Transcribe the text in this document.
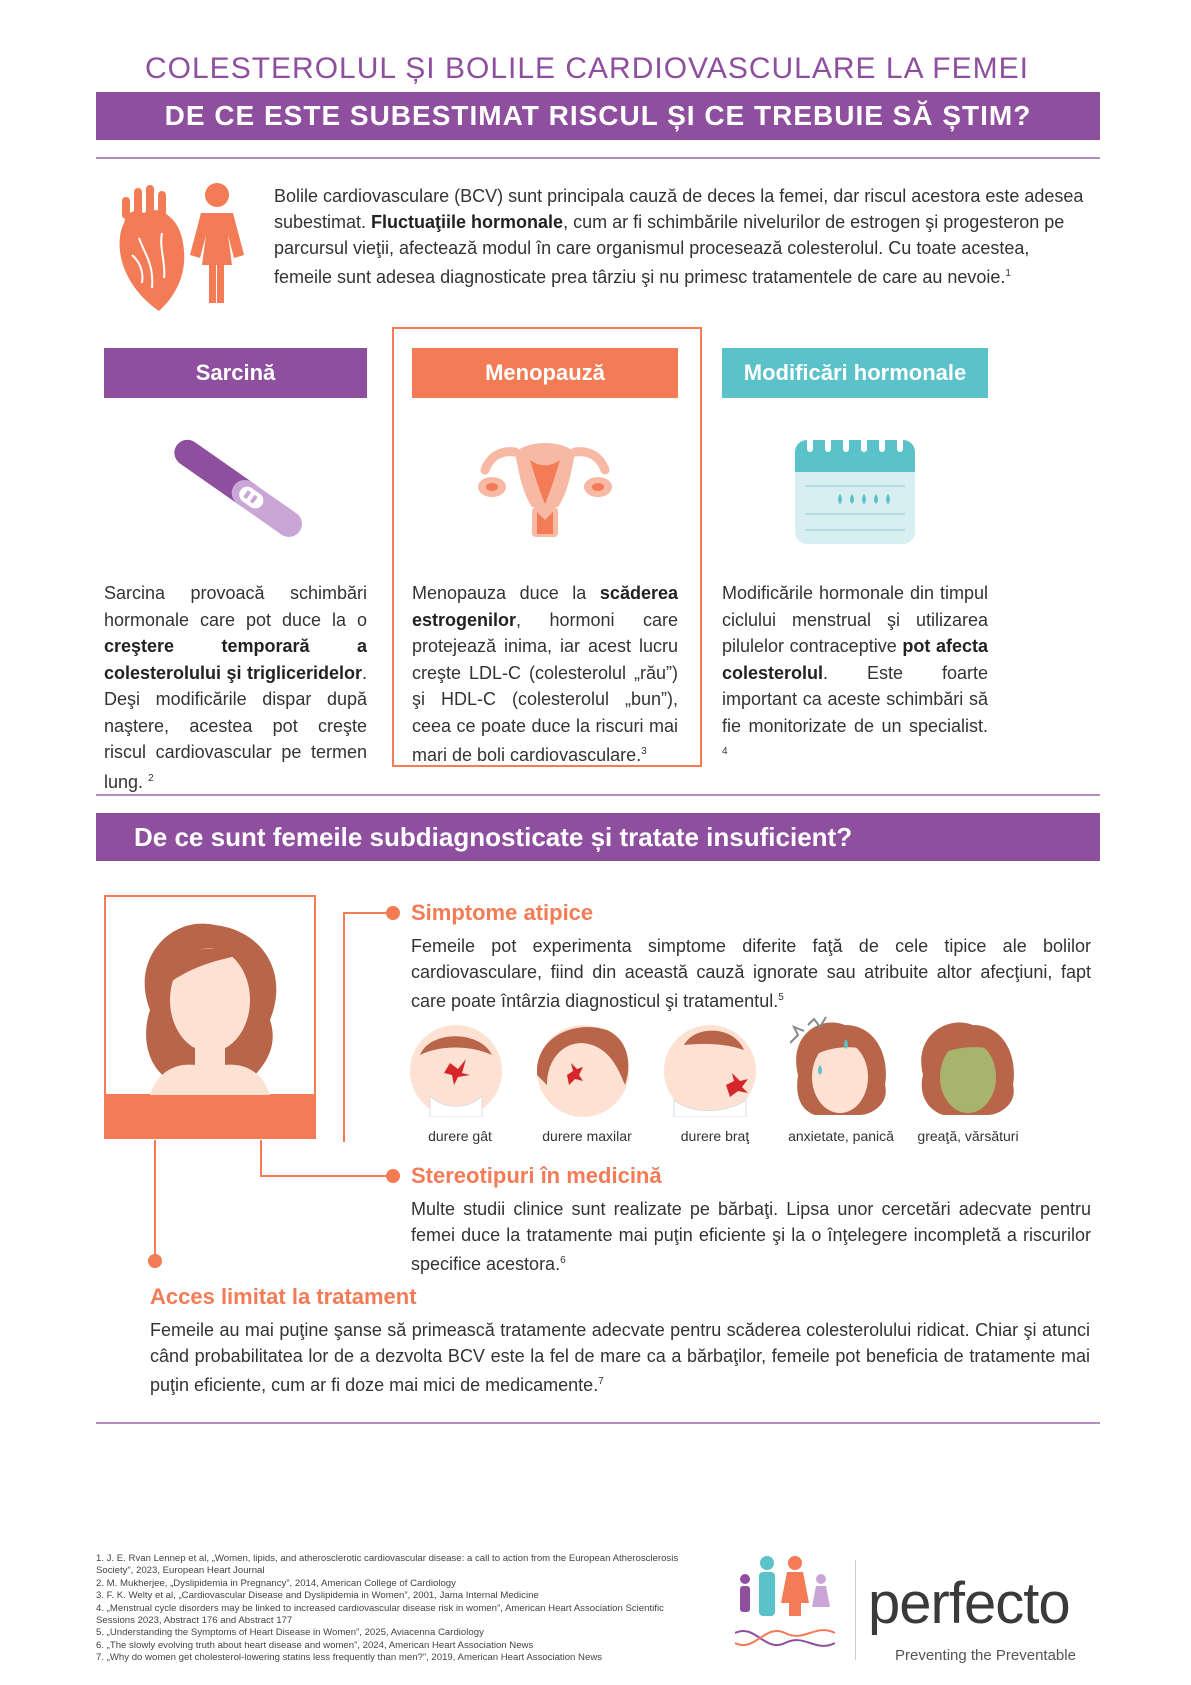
COLESTEROLUL ȘI BOLILE CARDIOVASCULARE LA FEMEI
DE CE ESTE SUBESTIMAT RISCUL ȘI CE TREBUIE SĂ ȘTIM?
Bolile cardiovasculare (BCV) sunt principala cauză de deces la femei, dar riscul acestora este adesea subestimat. Fluctuaţiile hormonale, cum ar fi schimbările nivelurilor de estrogen şi progesteron pe parcursul vieţii, afectează modul în care organismul procesează colesterolul. Cu toate acestea, femeile sunt adesea diagnosticate prea târziu şi nu primesc tratamentele de care au nevoie.$^1$
Sarcină
Sarcina provoacă schimbări hormonale care pot duce la o creştere temporară a colesterolului şi trigliceridelor. Deşi modificările dispar după naştere, acestea pot creşte riscul cardiovascular pe termen lung. $^2$
Menopauză
Menopauza duce la scăderea estrogenilor, hormoni care protejează inima, iar acest lucru creşte LDL-C (colesterolul „rău”) şi HDL-C (colesterolul „bun”), ceea ce poate duce la riscuri mai mari de boli cardiovasculare.$^3$
Modificări hormonale
Modificările hormonale din timpul ciclului menstrual şi utilizarea pilulelor contraceptive pot afecta colesterolul. Este foarte important ca aceste schimbări să fie monitorizate de un specialist. $^4$
De ce sunt femeile subdiagnosticate și tratate insuficient?
Simptome atipice
Femeile pot experimenta simptome diferite faţă de cele tipice ale bolilor cardiovasculare, fiind din această cauză ignorate sau atribuite altor afecţiuni, fapt care poate întârzia diagnosticul şi tratamentul.$^5$
durere gât	durere maxilar	durere braţ	anxietate, panică	greaţă, vărsături
Stereotipuri în medicină
Multe studii clinice sunt realizate pe bărbaţi. Lipsa unor cercetări adecvate pentru femei duce la tratamente mai puţin eficiente şi la o înţelegere incompletă a riscurilor specifice acestora.$^6$
Acces limitat la tratament
Femeile au mai puţine şanse să primească tratamente adecvate pentru scăderea colesterolului ridicat. Chiar şi atunci când probabilitatea lor de a dezvolta BCV este la fel de mare ca a bărbaţilor, femeile pot beneficia de tratamente mai puţin eficiente, cum ar fi doze mai mici de medicamente.$^7$
1. J. E. Rvan Lennep et al, „Women, lipids, and atherosclerotic cardiovascular disease: a call to action from the European Atherosclerosis Society”, 2023, European Heart Journal
2. M. Mukherjee, „Dyslipidemia in Pregnancy”, 2014, American College of Cardiology
3. F. K. Welty et al, „Cardiovascular Disease and Dyslipidemia in Women”, 2001, Jama Internal Medicine
4. „Menstrual cycle disorders may be linked to increased cardiovascular disease risk in women”, American Heart Association Scientific Sessions 2023, Abstract 176 and Abstract 177
5. „Understanding the Symptoms of Heart Disease in Women”, 2025, Aviacenna Cardiology
6. „The slowly evolving truth about heart disease and women”, 2024, American Heart Association News
7. „Why do women get cholesterol-lowering statins less frequently than men?”, 2019, American Heart Association News
perfecto
Preventing the Preventable
